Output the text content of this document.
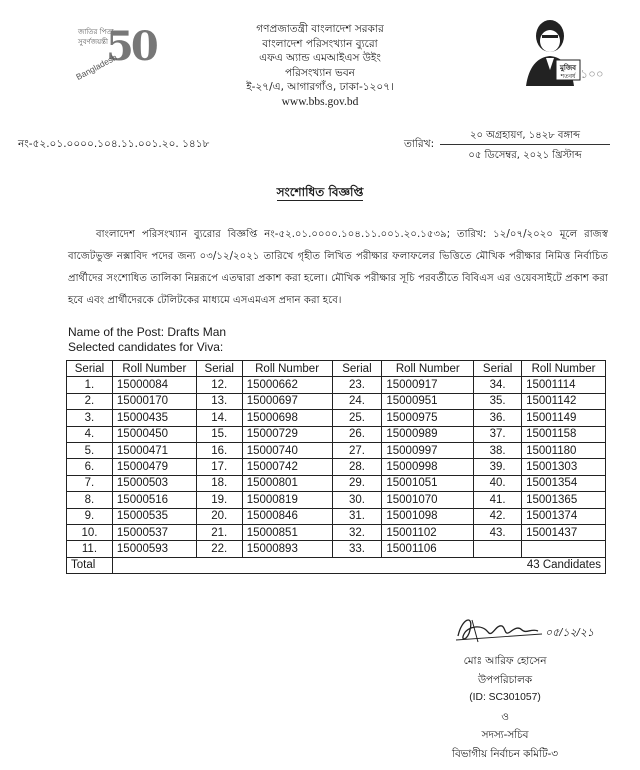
জাতির পিতা
সুবর্ণজয়ন্তী
50
Bangladesh	মুজিব
শতবর্ষ ১০০
গণপ্রজাতন্ত্রী বাংলাদেশ সরকার
বাংলাদেশ পরিসংখ্যান ব্যুরো
এফএ অ্যান্ড এমআইএস উইং
পরিসংখ্যান ভবন
ই-২৭/এ, আগারগাঁও, ঢাকা-১২০৭।
www.bbs.gov.bd
নং-৫২.০১.০০০০.১০৪.১১.০০১.২০. ১৪১৮	তারিখ:
২০ অগ্রহায়ণ, ১৪২৮ বঙ্গাব্দ
০৫ ডিসেম্বর, ২০২১ খ্রিস্টাব্দ
সংশোধিত বিজ্ঞপ্তি
বাংলাদেশ পরিসংখ্যান ব্যুরোর বিজ্ঞপ্তি নং-৫২.০১.০০০০.১০৪.১১.০০১.২০.১৫৩৯; তারিখ: ১২/০৭/২০২০ মূলে রাজস্ব বাজেটভুক্ত নক্সাবিদ পদের জন্য ০৩/১২/২০২১ তারিখে গৃহীত লিখিত পরীক্ষার ফলাফলের ভিত্তিতে মৌখিক পরীক্ষার নিমিত্ত নির্বাচিত প্রার্থীদের সংশোধিত তালিকা নিম্নরূপে এতদ্বারা প্রকাশ করা হলো। মৌখিক পরীক্ষার সূচি পরবর্তীতে বিবিএস এর ওয়েবসাইটে প্রকাশ করা হবে এবং প্রার্থীদেরকে টেলিটকের মাধ্যমে এসএমএস প্রদান করা হবে।
Name of the Post: Drafts Man
Selected candidates for Viva:
Serial	Roll Number	Serial	Roll Number	Serial	Roll Number	Serial	Roll Number
1.	15000084	12.	15000662	23.	15000917	34.	15001114
2.	15000170	13.	15000697	24.	15000951	35.	15001142
3.	15000435	14.	15000698	25.	15000975	36.	15001149
4.	15000450	15.	15000729	26.	15000989	37.	15001158
5.	15000471	16.	15000740	27.	15000997	38.	15001180
6.	15000479	17.	15000742	28.	15000998	39.	15001303
7.	15000503	18.	15000801	29.	15001051	40.	15001354
8.	15000516	19.	15000819	30.	15001070	41.	15001365
9.	15000535	20.	15000846	31.	15001098	42.	15001374
10.	15000537	21.	15000851	32.	15001102	43.	15001437
11.	15000593	22.	15000893	33.	15001106		
Total	43 Candidates						
০৫/১২/২১
মোঃ আরিফ হোসেন
উপপরিচালক
(ID: SC301057)
ও
সদস্য-সচিব
বিভাগীয় নির্বাচন কমিটি-৩
